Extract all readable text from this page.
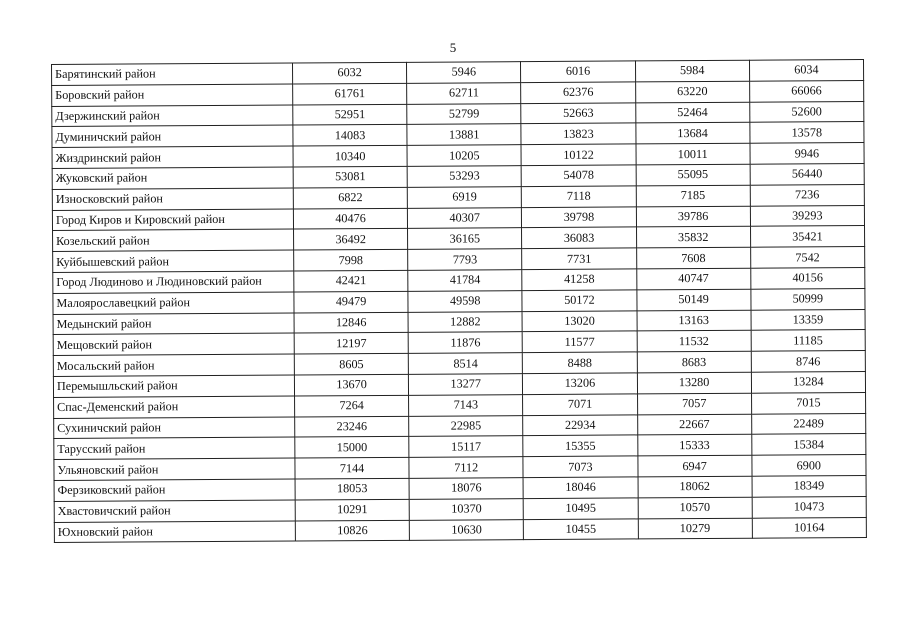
5
Барятинский район	6032	5946	6016	5984	6034
Боровский район	61761	62711	62376	63220	66066
Дзержинский район	52951	52799	52663	52464	52600
Думиничский район	14083	13881	13823	13684	13578
Жиздринский район	10340	10205	10122	10011	9946
Жуковский район	53081	53293	54078	55095	56440
Износковский район	6822	6919	7118	7185	7236
Город Киров и Кировский район	40476	40307	39798	39786	39293
Козельский район	36492	36165	36083	35832	35421
Куйбышевский район	7998	7793	7731	7608	7542
Город Людиново и Людиновский район	42421	41784	41258	40747	40156
Малоярославецкий район	49479	49598	50172	50149	50999
Медынский район	12846	12882	13020	13163	13359
Мещовский район	12197	11876	11577	11532	11185
Мосальский район	8605	8514	8488	8683	8746
Перемышльский район	13670	13277	13206	13280	13284
Спас-Деменский район	7264	7143	7071	7057	7015
Сухиничский район	23246	22985	22934	22667	22489
Тарусский район	15000	15117	15355	15333	15384
Ульяновский район	7144	7112	7073	6947	6900
Ферзиковский район	18053	18076	18046	18062	18349
Хвастовичский район	10291	10370	10495	10570	10473
Юхновский район	10826	10630	10455	10279	10164
